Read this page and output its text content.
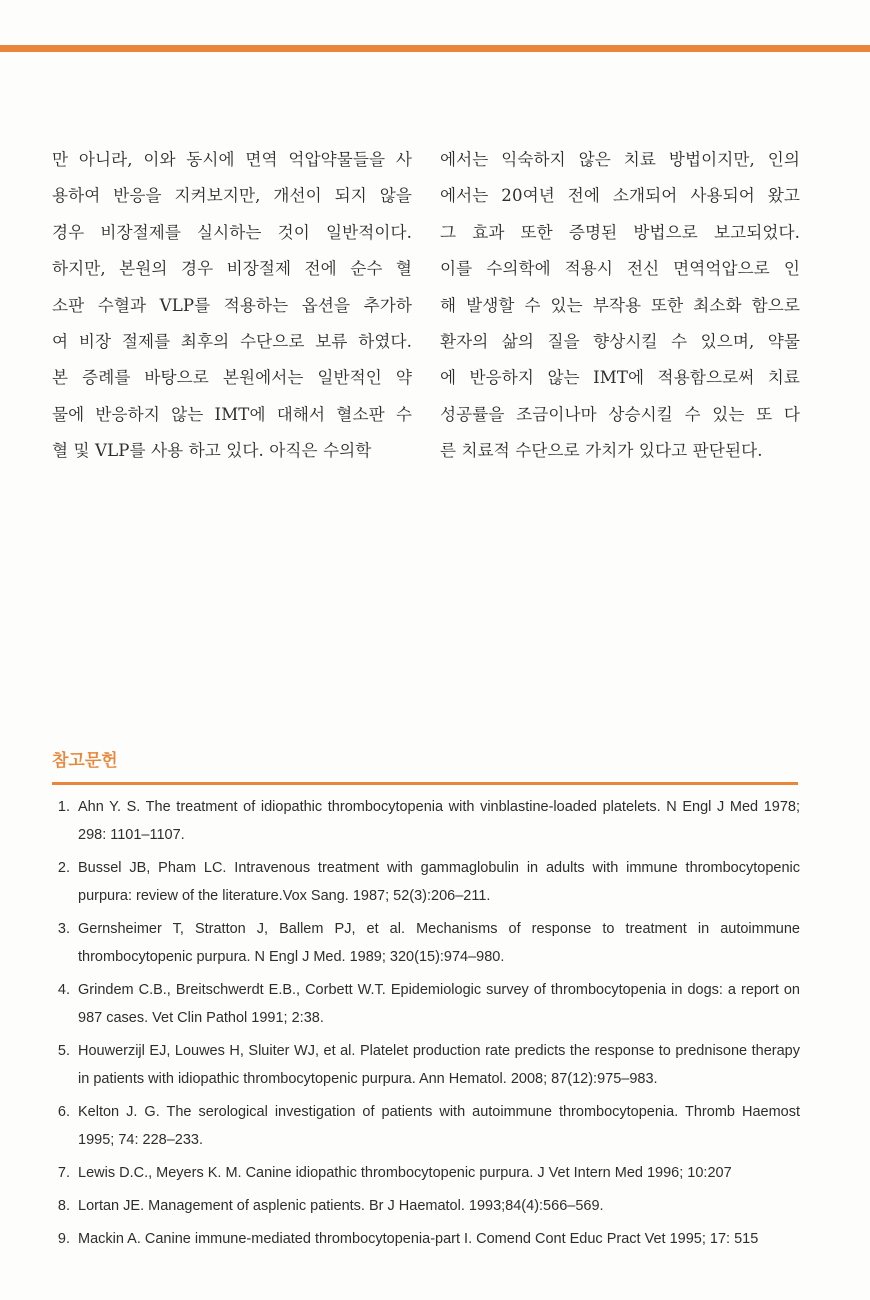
만 아니라, 이와 동시에 면역 억압약물들을 사

용하여 반응을 지켜보지만, 개선이 되지 않을

경우 비장절제를 실시하는 것이 일반적이다.

하지만, 본원의 경우 비장절제 전에 순수 혈

소판 수혈과 VLP를 적용하는 옵션을 추가하

여 비장 절제를 최후의 수단으로 보류 하였다.

본 증례를 바탕으로 본원에서는 일반적인 약

물에 반응하지 않는 IMT에 대해서 혈소판 수

혈 및 VLP를 사용 하고 있다. 아직은 수의학

에서는 익숙하지 않은 치료 방법이지만, 인의

에서는 20여년 전에 소개되어 사용되어 왔고

그 효과 또한 증명된 방법으로 보고되었다.

이를 수의학에 적용시 전신 면역억압으로 인

해 발생할 수 있는 부작용 또한 최소화 함으로

환자의 삶의 질을 향상시킬 수 있으며, 약물

에 반응하지 않는 IMT에 적용함으로써 치료

성공률을 조금이나마 상승시킬 수 있는 또 다

른 치료적 수단으로 가치가 있다고 판단된다.

참고문헌
1. Ahn Y. S. The treatment of idiopathic thrombocytopenia with vinblastine-loaded platelets. N Engl J Med 1978; 298: 1101–1107.
2. Bussel JB, Pham LC. Intravenous treatment with gammaglobulin in adults with immune thrombocytopenic purpura: review of the literature.Vox Sang. 1987; 52(3):206–211.
3. Gernsheimer T, Stratton J, Ballem PJ, et al. Mechanisms of response to treatment in autoimmune thrombocytopenic purpura. N Engl J Med. 1989; 320(15):974–980.
4. Grindem C.B., Breitschwerdt E.B., Corbett W.T. Epidemiologic survey of thrombocytopenia in dogs: a report on 987 cases. Vet Clin Pathol 1991; 2:38.
5. Houwerzijl EJ, Louwes H, Sluiter WJ, et al. Platelet production rate predicts the response to prednisone therapy in patients with idiopathic thrombocytopenic purpura. Ann Hematol. 2008; 87(12):975–983.
6. Kelton J. G. The serological investigation of patients with autoimmune thrombocytopenia. Thromb Haemost 1995; 74: 228–233.
7. Lewis D.C., Meyers K. M. Canine idiopathic thrombocytopenic purpura. J Vet Intern Med 1996; 10:207
8. Lortan JE. Management of asplenic patients. Br J Haematol. 1993;84(4):566–569.
9. Mackin A. Canine immune-mediated thrombocytopenia-part I. Comend Cont Educ Pract Vet 1995; 17: 515
